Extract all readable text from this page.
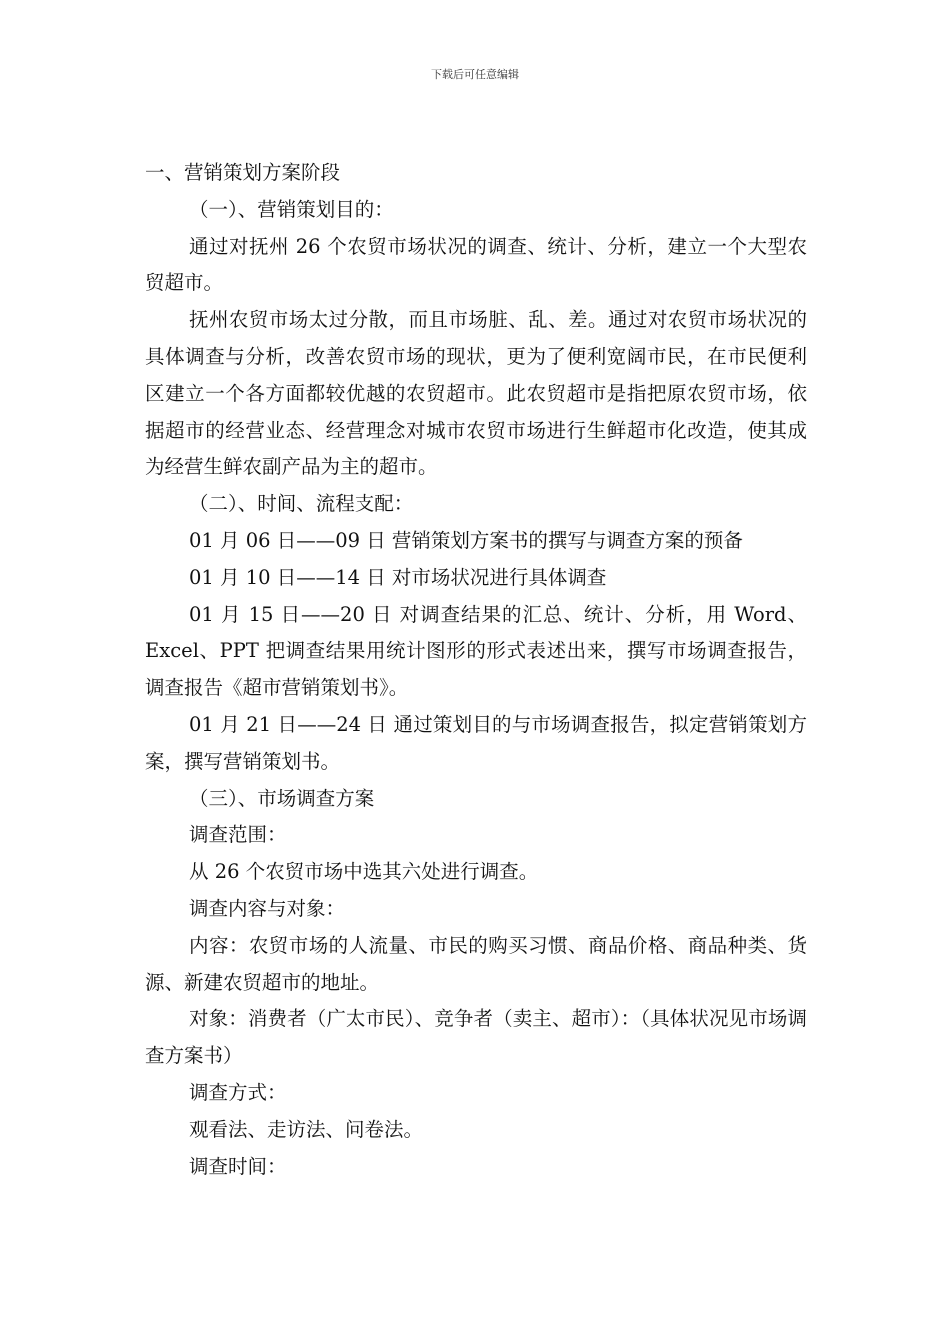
下载后可任意编辑

一、营销策划方案阶段

（一）、营销策划目的：

通过对抚州 26 个农贸市场状况的调查、统计、分析，建立一个大型农贸超市。

抚州农贸市场太过分散，而且市场脏、乱、差。通过对农贸市场状况的具体调查与分析，改善农贸市场的现状，更为了便利宽阔市民，在市民便利区建立一个各方面都较优越的农贸超市。此农贸超市是指把原农贸市场，依据超市的经营业态、经营理念对城市农贸市场进行生鲜超市化改造，使其成为经营生鲜农副产品为主的超市。

（二）、时间、流程支配：

01 月 06 日——09 日 营销策划方案书的撰写与调查方案的预备

01 月 10 日——14 日 对市场状况进行具体调查

01 月 15 日——20 日 对调查结果的汇总、统计、分析，用 Word、Excel、PPT 把调查结果用统计图形的形式表述出来，撰写市场调查报告，调查报告《超市营销策划书》。

01 月 21 日——24 日 通过策划目的与市场调查报告，拟定营销策划方案，撰写营销策划书。

（三）、市场调查方案

调查范围：

从 26 个农贸市场中选其六处进行调查。

调查内容与对象：

内容：农贸市场的人流量、市民的购买习惯、商品价格、商品种类、货源、新建农贸超市的地址。

对象：消费者（广太市民）、竞争者（卖主、超市）：（具体状况见市场调查方案书）

调查方式：

观看法、走访法、问卷法。

调查时间：
